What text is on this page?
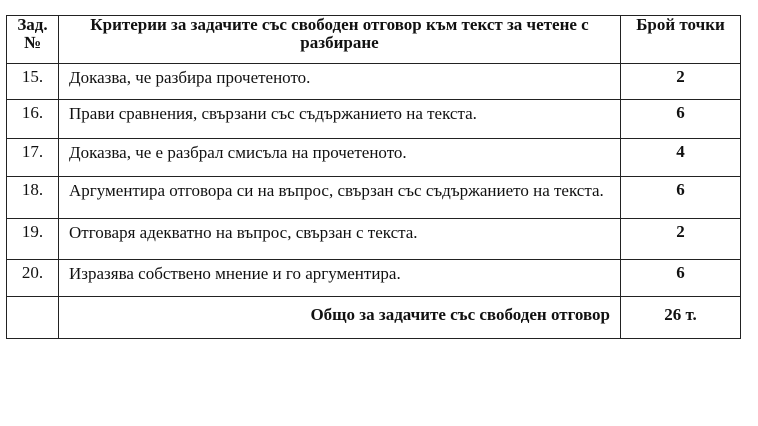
Зад. №	Критерии за задачите със свободен отговор към текст за четене с разбиране	Брой точки
15.	Доказва, че разбира прочетеното.	2
16.	Прави сравнения, свързани със съдържанието на текста.	6
17.	Доказва, че е разбрал смисъла на прочетеното.	4
18.	Аргументира отговора си на въпрос, свързан със съдържанието на текста.	6
19.	Отговаря адекватно на въпрос, свързан с текста.	2
20.	Изразява собствено мнение и го аргументира.	6
	Общо за задачите със свободен отговор	26 т.
